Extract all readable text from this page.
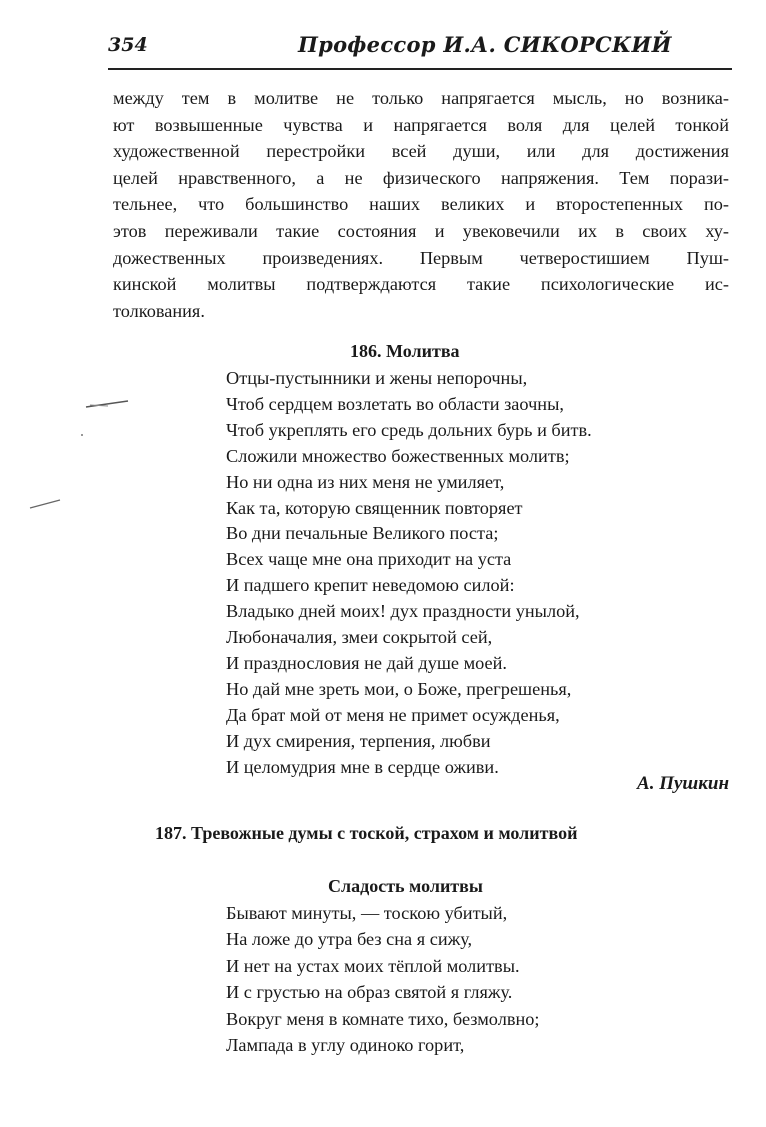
354	Профессор И.А. СИКОРСКИЙ
между тем в молитве не только напрягается мысль, но возника-
ют возвышенные чувства и напрягается воля для целей тонкой
художественной перестройки всей души, или для достижения
целей нравственного, а не физического напряжения. Тем порази-
тельнее, что большинство наших великих и второстепенных по-
этов переживали такие состояния и увековечили их в своих ху-
дожественных произведениях. Первым четверостишием Пуш-
кинской молитвы подтверждаются такие психологические ис-
толкования.
186. Молитва
Отцы-пустынники и жены непорочны,
Чтоб сердцем возлетать во области заочны,
Чтоб укреплять его средь дольних бурь и битв.
Сложили множество божественных молитв;
Но ни одна из них меня не умиляет,
Как та, которую священник повторяет
Во дни печальные Великого поста;
Всех чаще мне она приходит на уста
И падшего крепит неведомою силой:
Владыко дней моих! дух праздности унылой,
Любоначалия, змеи сокрытой сей,
И празднословия не дай душе моей.
Но дай мне зреть мои, о Боже, прегрешенья,
Да брат мой от меня не примет осужденья,
И дух смирения, терпения, любви
И целомудрия мне в сердце оживи.
А. Пушкин
187. Тревожные думы с тоской, страхом и молитвой
Сладость молитвы
Бывают минуты, — тоскою убитый,
На ложе до утра без сна я сижу,
И нет на устах моих тёплой молитвы.
И с грустью на образ святой я гляжу.
Вокруг меня в комнате тихо, безмолвно;
Лампада в углу одиноко горит,
